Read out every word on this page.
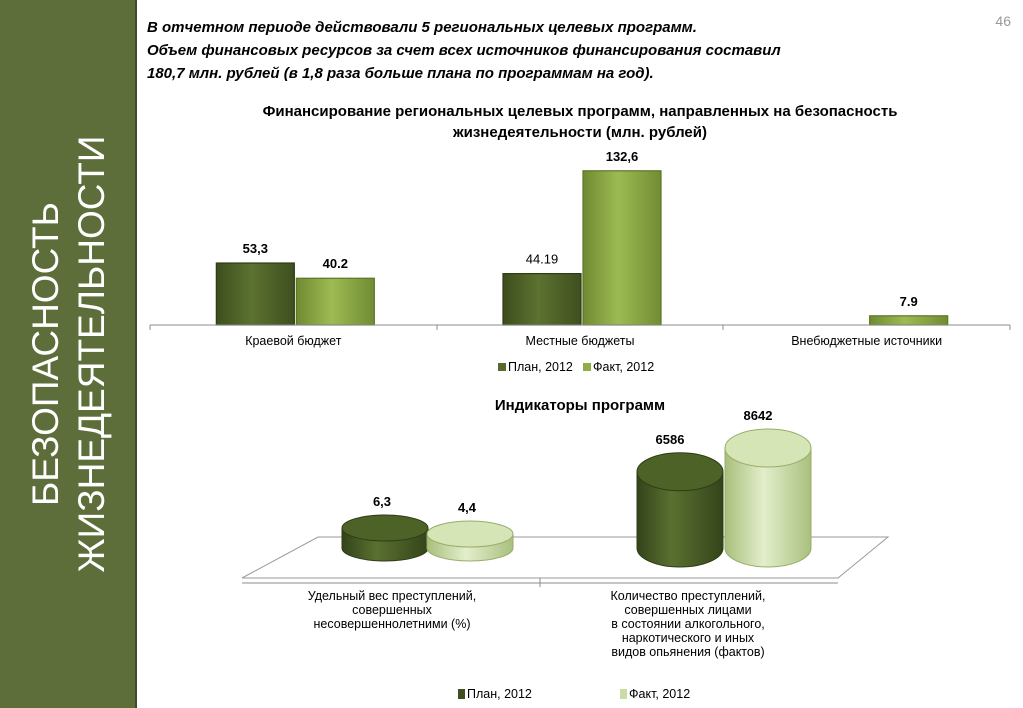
БЕЗОПАСНОСТЬ ЖИЗНЕДЕЯТЕЛЬНОСТИ
46
В отчетном периоде действовали 5 региональных целевых программ.
Объем финансовых ресурсов за счет всех источников финансирования составил
180,7 млн. рублей (в 1,8 раза больше плана по программам на год).
Финансирование региональных целевых программ, направленных на безопасность
жизнедеятельности (млн. рублей)
53,3
40.2	44.19
132,6
7.9
Краевой бюджет	Местные бюджеты	Внебюджетные источники
План, 2012 Факт, 2012
Индикаторы программ
6,3	4,4
6586
8642
Удельный вес преступлений, совершенных несовершеннолетними (%)
Количество преступлений, совершенных лицами в состоянии алкогольного, наркотического и иных видов опьянения (фактов)
План, 2012	Факт, 2012
